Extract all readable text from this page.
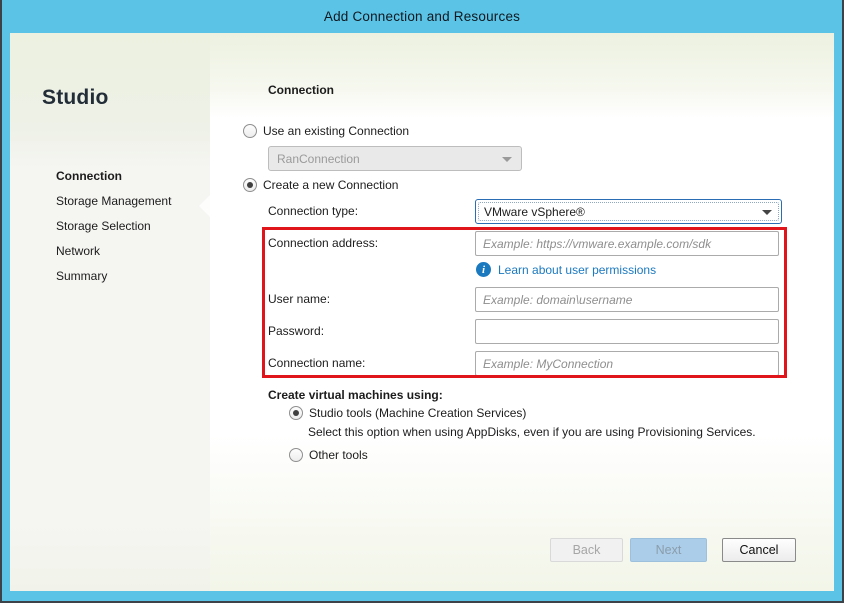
Add Connection and Resources
Studio
Connection
Storage Management
Storage Selection
Network
Summary
Connection
Use an existing Connection
RanConnection
Create a new Connection
Connection type:	VMware vSphere®
Connection address:
Example: https://vmware.example.com/sdk
i	Learn about user permissions
User name:
Example: domain\username
Password:
Connection name:
Example: MyConnection
Create virtual machines using:
Studio tools (Machine Creation Services)
Select this option when using AppDisks, even if you are using Provisioning Services.
Other tools
Back	Next	Cancel
